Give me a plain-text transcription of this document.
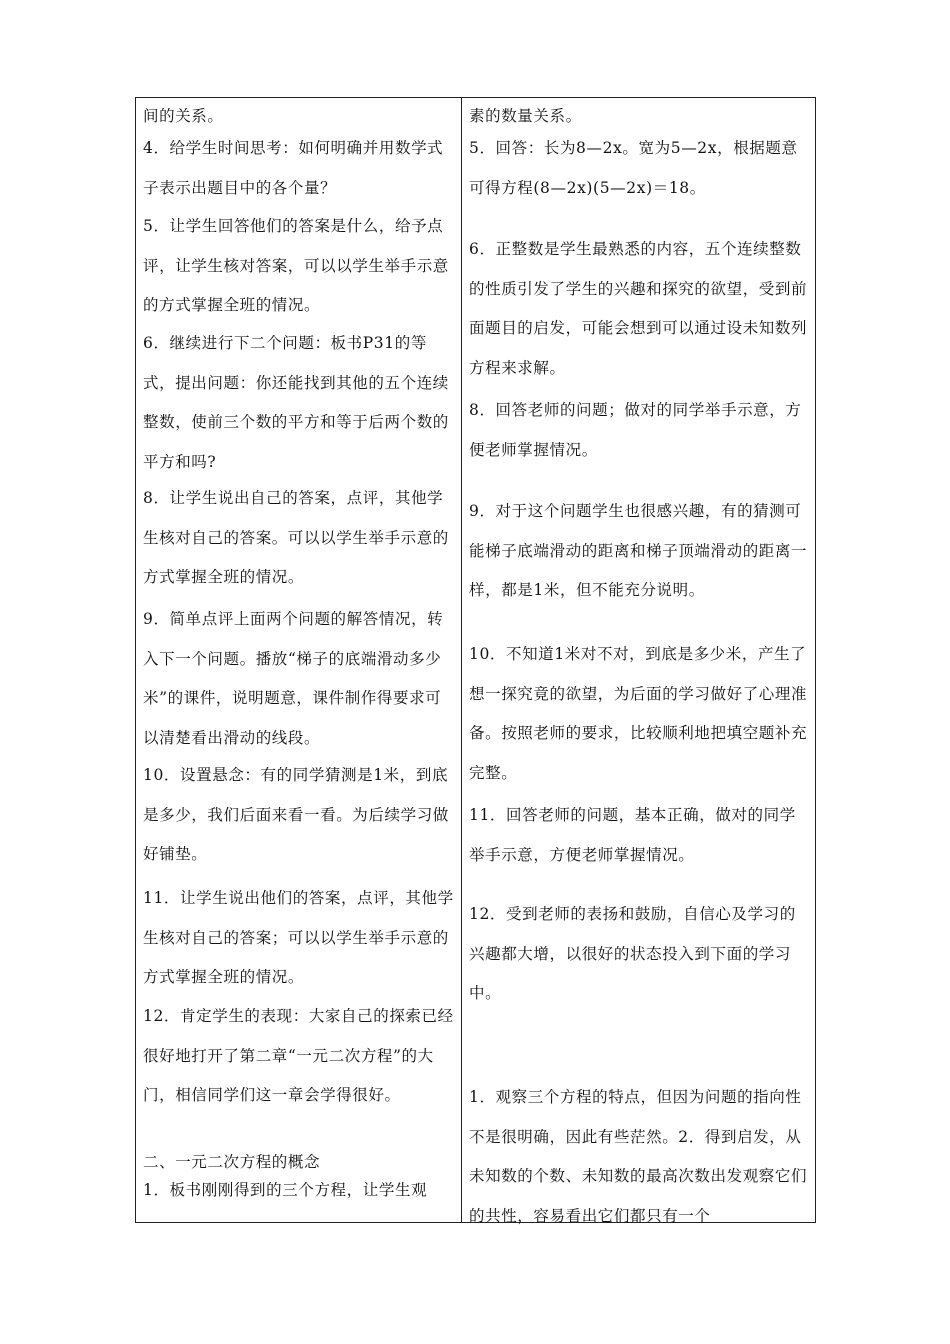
间的关系。
4．给学生时间思考：如何明确并用数学式子表示出题目中的各个量？
5．让学生回答他们的答案是什么，给予点评，让学生核对答案，可以以学生举手示意的方式掌握全班的情况。
6．继续进行下二个问题：板书P31的等式，提出问题：你还能找到其他的五个连续整数，使前三个数的平方和等于后两个数的平方和吗?
8．让学生说出自己的答案，点评，其他学生核对自己的答案。可以以学生举手示意的方式掌握全班的情况。
9．简单点评上面两个问题的解答情况，转入下一个问题。播放“梯子的底端滑动多少米”的课件，说明题意，课件制作得要求可以清楚看出滑动的线段。
10．设置悬念：有的同学猜测是1米，到底是多少，我们后面来看一看。为后续学习做好铺垫。
11．让学生说出他们的答案，点评，其他学生核对自己的答案；可以以学生举手示意的方式掌握全班的情况。
12．肯定学生的表现：大家自己的探索已经很好地打开了第二章“一元二次方程”的大门，相信同学们这一章会学得很好。
二、一元二次方程的概念
1．板书刚刚得到的三个方程，让学生观
素的数量关系。
5．回答：长为8—2x。宽为5—2x，根据题意可得方程(8—2x)(5—2x)＝18。
6．正整数是学生最熟悉的内容，五个连续整数的性质引发了学生的兴趣和探究的欲望，受到前面题目的启发，可能会想到可以通过设未知数列方程来求解。
8．回答老师的问题；做对的同学举手示意，方便老师掌握情况。
9．对于这个问题学生也很感兴趣，有的猜测可能梯子底端滑动的距离和梯子顶端滑动的距离一样，都是1米，但不能充分说明。
10．不知道1米对不对，到底是多少米，产生了想一探究竟的欲望，为后面的学习做好了心理准备。按照老师的要求，比较顺利地把填空题补充完整。
11．回答老师的问题，基本正确，做对的同学举手示意，方便老师掌握情况。
12．受到老师的表扬和鼓励，自信心及学习的兴趣都大增，以很好的状态投入到下面的学习中。
1．观察三个方程的特点，但因为问题的指向性不是很明确，因此有些茫然。2．得到启发，从未知数的个数、未知数的最高次数出发观察它们的共性，容易看出它们都只有一个
